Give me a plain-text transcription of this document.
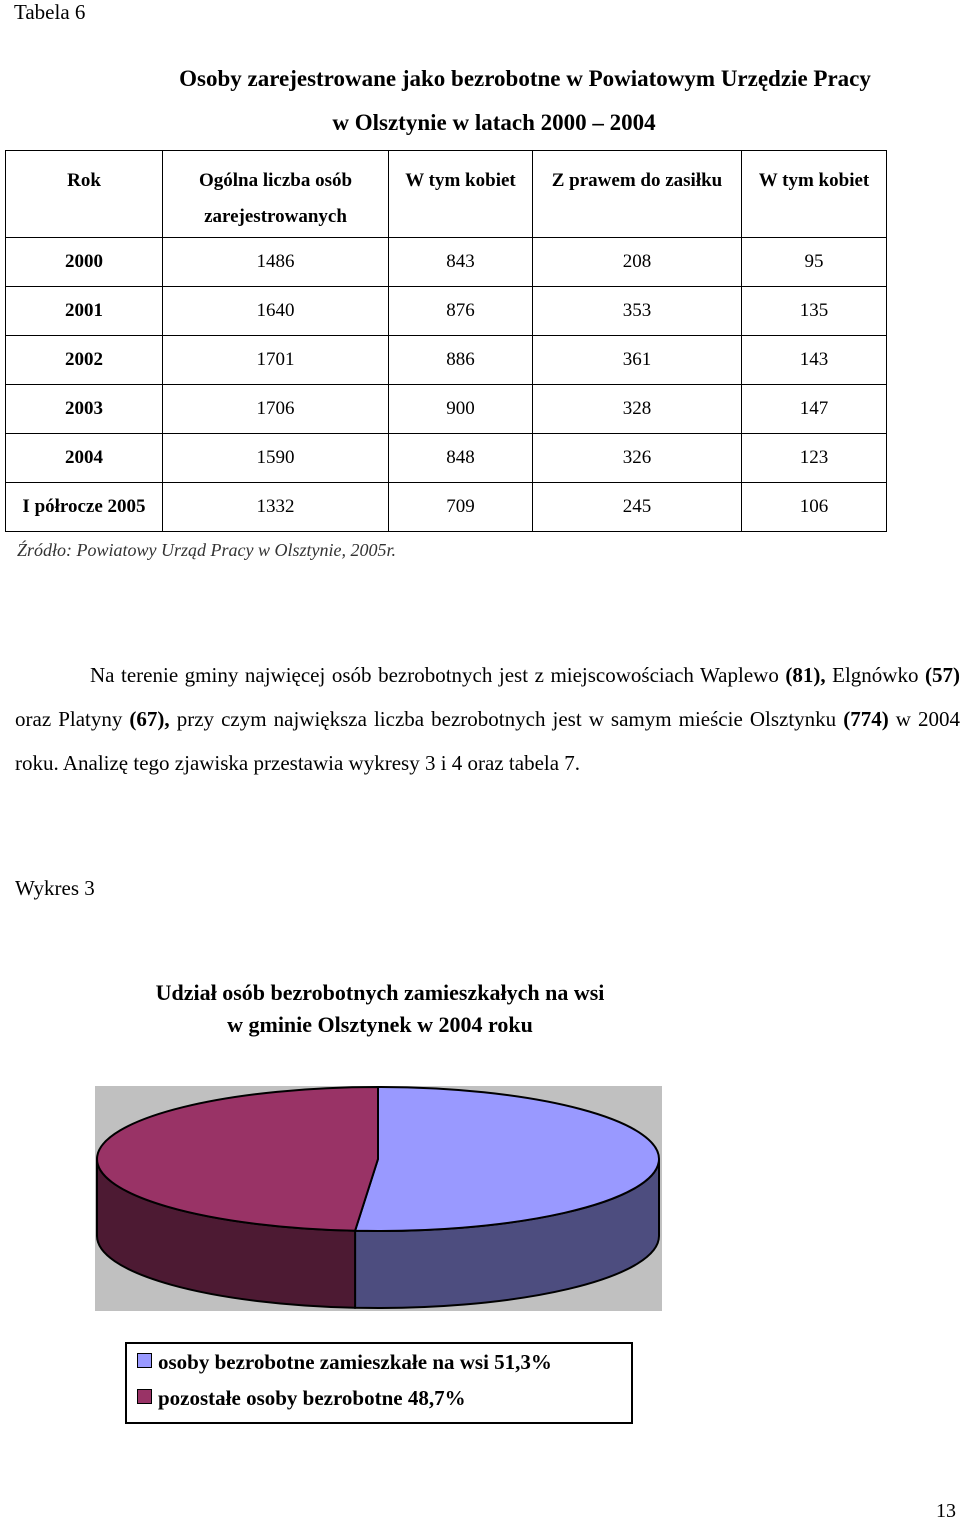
Tabela 6
Osoby zarejestrowane jako bezrobotne w Powiatowym Urzędzie Pracy
w Olsztynie w latach 2000 – 2004
Rok	Ogólna liczba osób zarejestrowanych	W tym kobiet	Z prawem do zasiłku	W tym kobiet
2000	1486	843	208	95
2001	1640	876	353	135
2002	1701	886	361	143
2003	1706	900	328	147
2004	1590	848	326	123
I półrocze 2005	1332	709	245	106
Źródło: Powiatowy Urząd Pracy w Olsztynie, 2005r.
Na terenie gminy najwięcej osób bezrobotnych jest z miejscowościach Waplewo (81), Elgnówko (57) oraz Platyny (67), przy czym największa liczba bezrobotnych jest w samym mieście Olsztynku (774) w 2004 roku. Analizę tego zjawiska przestawia wykresy 3 i 4 oraz tabela 7.
Wykres 3
Udział osób bezrobotnych zamieszkałych na wsi
w gminie Olsztynek w 2004 roku
osoby bezrobotne zamieszkałe na wsi 51,3%
pozostałe osoby bezrobotne 48,7%
13
